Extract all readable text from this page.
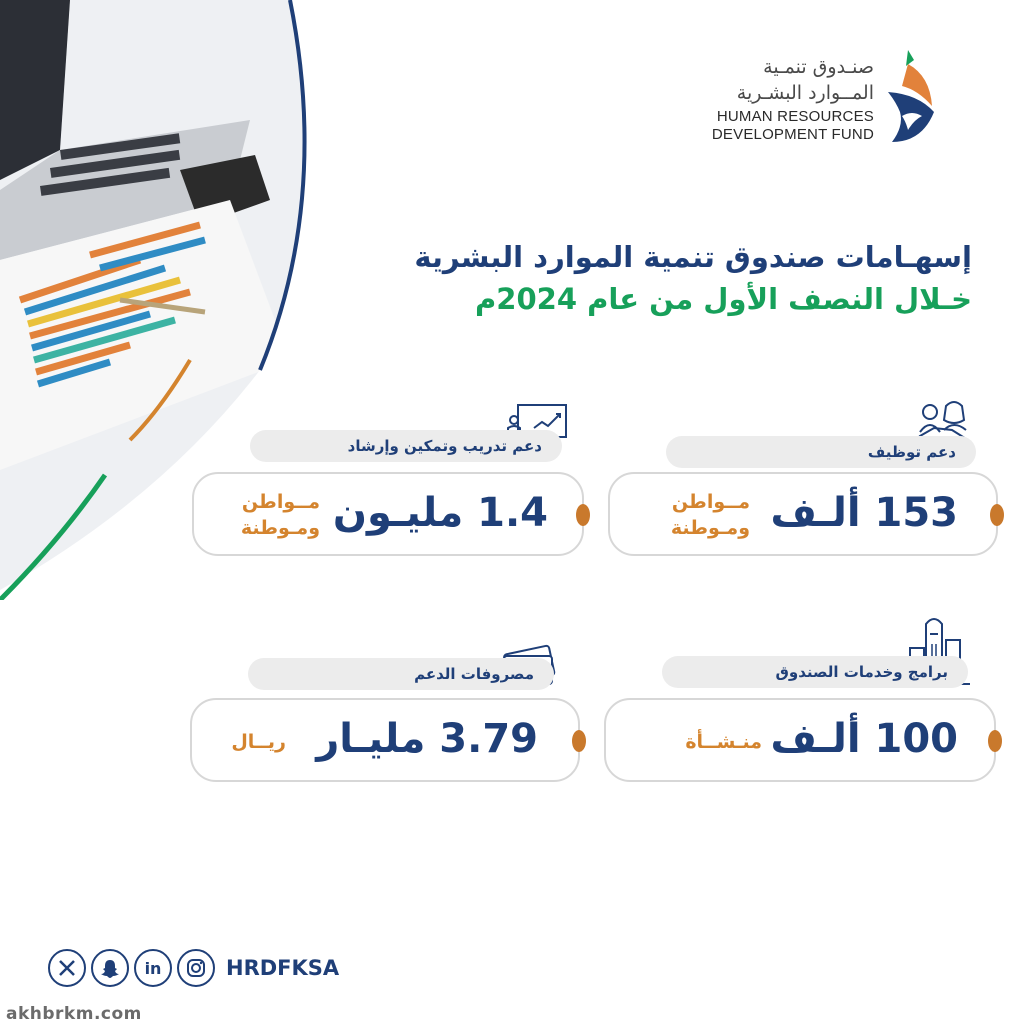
صنـدوق تنمـية
المــوارد البشـرية
HUMAN RESOURCES
DEVELOPMENT FUND
إسهـامات صندوق تنمية الموارد البشرية
خـلال النصف الأول من عام 2024م
دعم تدريب وتمكين وإرشاد
1.4 مليـون
مــواطن
ومـوطنة
دعم توظيف
153 ألـف
مــواطن
ومـوطنة
مصروفات الدعم
3.79 مليـار
ريــال
برامج وخدمات الصندوق
100 ألـف
منـشــأة
in	HRDFKSA
akhbrkm.com
